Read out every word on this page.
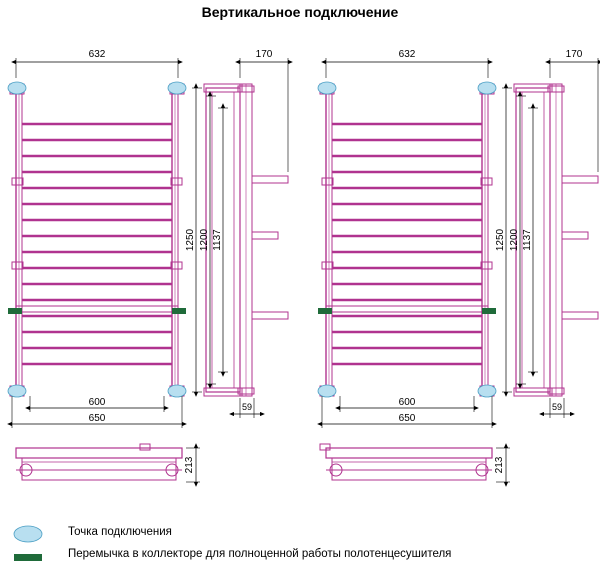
Вертикальное подключение
632
600
650
170
1250 1200 1137
59
632
600
650
170
1250 1200 1137
59
213	213
Точка подключения
Перемычка в коллекторе для полноценной работы полотенцесушителя
